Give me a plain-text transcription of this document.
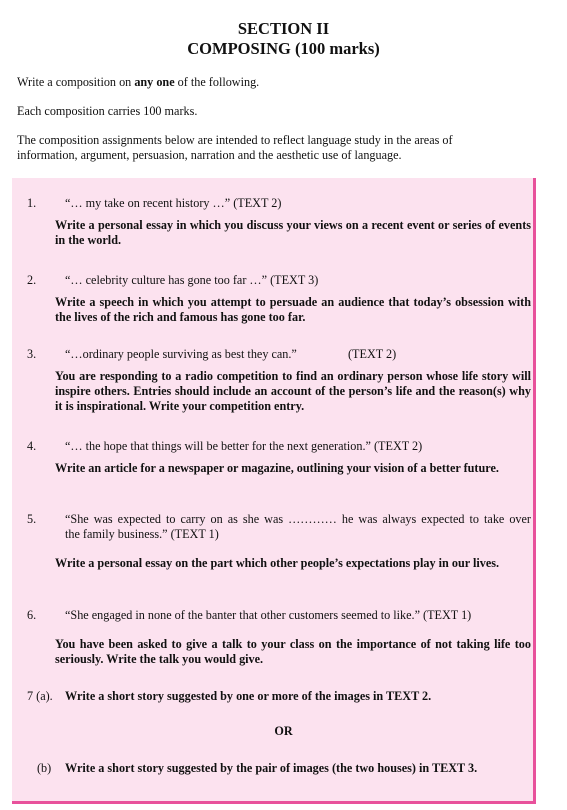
SECTION II
COMPOSING (100 marks)
Write a composition on any one of the following.
Each composition carries 100 marks.
The composition assignments below are intended to reflect language study in the areas of information, argument, persuasion, narration and the aesthetic use of language.
1. “… my take on recent history …” (TEXT 2)
Write a personal essay in which you discuss your views on a recent event or series of events in the world.
2. “… celebrity culture has gone too far …” (TEXT 3)
Write a speech in which you attempt to persuade an audience that today’s obsession with the lives of the rich and famous has gone too far.
3. “…ordinary people surviving as best they can.”	(TEXT 2)
You are responding to a radio competition to find an ordinary person whose life story will inspire others. Entries should include an account of the person’s life and the reason(s) why it is inspirational. Write your competition entry.
4. “… the hope that things will be better for the next generation.” (TEXT 2)
Write an article for a newspaper or magazine, outlining your vision of a better future.
5. “She was expected to carry on as she was ………… he was always expected to take over
the family business.” (TEXT 1)
Write a personal essay on the part which other people’s expectations play in our lives.
6. “She engaged in none of the banter that other customers seemed to like.” (TEXT 1)
You have been asked to give a talk to your class on the importance of not taking life too seriously. Write the talk you would give.
7 (a). Write a short story suggested by one or more of the images in TEXT 2.
OR
(b) Write a short story suggested by the pair of images (the two houses) in TEXT 3.
